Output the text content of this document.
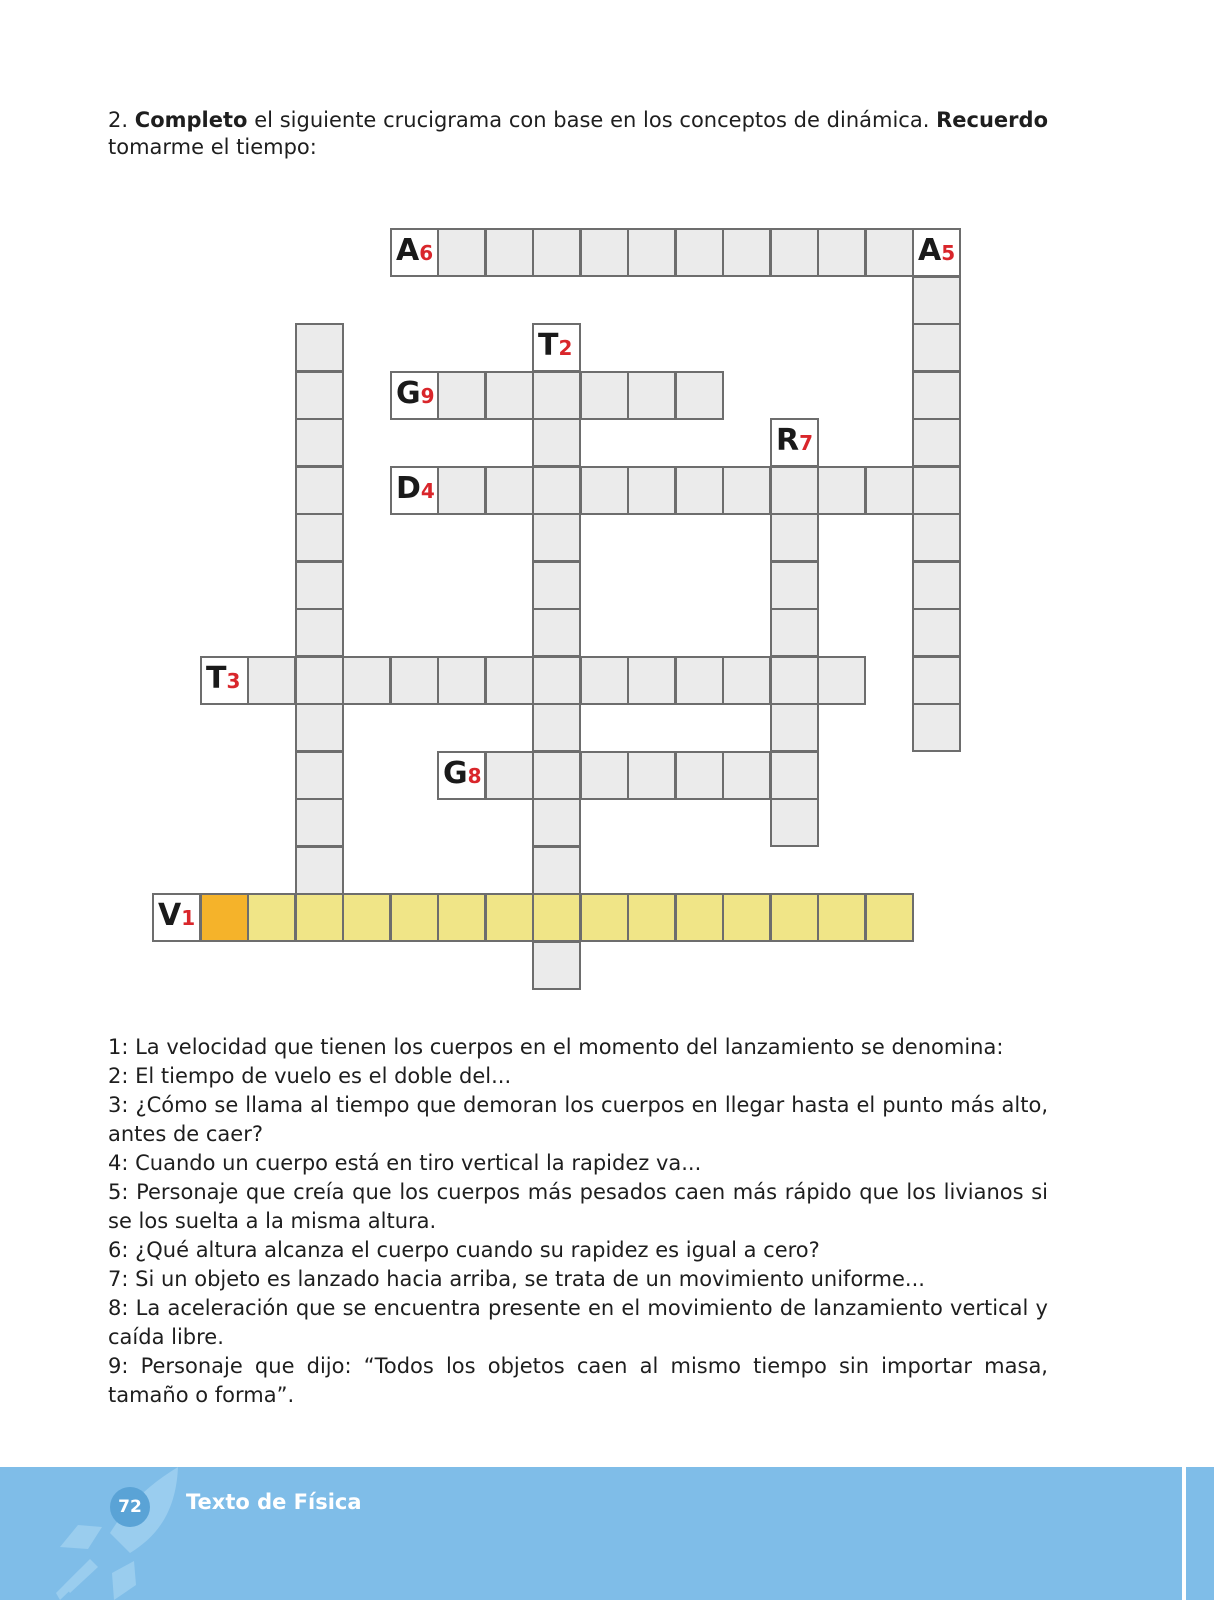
2. Completo el siguiente crucigrama con base en los conceptos de dinámica. Recuerdo tomarme el tiempo:
V1
T2
T3
D4
A5
A6
R7
G8
G9
1: La velocidad que tienen los cuerpos en el momento del lanzamiento se denomina:
2: El tiempo de vuelo es el doble del...
3: ¿Cómo se llama al tiempo que demoran los cuerpos en llegar hasta el punto más alto, antes de caer?
4: Cuando un cuerpo está en tiro vertical la rapidez va...
5: Personaje que creía que los cuerpos más pesados caen más rápido que los livianos si se los suelta a la misma altura.
6: ¿Qué altura alcanza el cuerpo cuando su rapidez es igual a cero?
7: Si un objeto es lanzado hacia arriba, se trata de un movimiento uniforme...
8: La aceleración que se encuentra presente en el movimiento de lanzamiento vertical y caída libre.
9: Personaje que dijo: “Todos los objetos caen al mismo tiempo sin importar masa, tamaño o forma”.
72	Texto de Física
